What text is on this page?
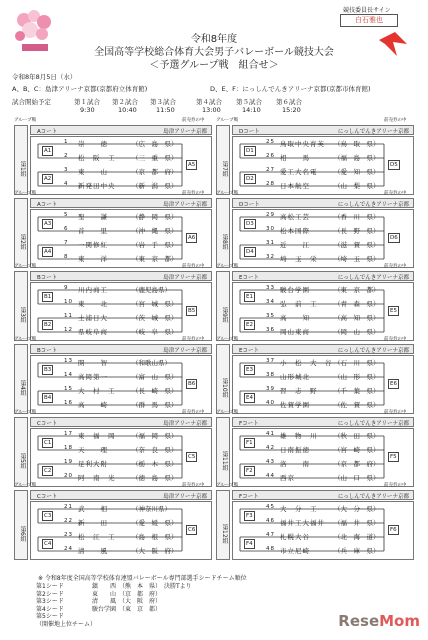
令和8年度
全国高等学校総合体育大会男子バレーボール競技大会
＜予選グループ戦　組合せ＞
競技委員長サイン
白石雅也
令和8年8月5日（水）
A、B、C：島津アリーナ京都(京都府立体育館)	D、E、F：にっしんでんきアリーナ京都(京都市体育館)
試合開始予定	第１試合
9:30
第２試合
10:40
第３試合
11:50
第４試合
13:00
第５試合
14:10
第６試合
15:20
グループ戦	前売券の中
第1組
Aコート	島津アリーナ京都
A1
A2
A5
1 崇　　徳	（広　島　県）
2 松　阪　工	（三　重　県）
3 東　　山	（京　都　府）
4 新発田中央	（新　潟　県）
グループ戦	前売券の中
第2組
Aコート	島津アリーナ京都
A3
A4
A6
5 聖　　謙	（静　岡　県）
6 首　　里	（沖　縄　県）
7 一関修紅	（岩　手　県）
8 東　　洋	（東　京　都）
グループ戦	前売券の中
第3組
Bコート	島津アリーナ京都
B1
B2
B5
9 川内商工	（鹿児島県）
10 東　　北	（宮　城　県）
11 土浦日大	（茨　城　県）
12 県岐阜商	（岐　阜　県）
グループ戦	前売券の中
第4組
Bコート	島津アリーナ京都
B3
B4
B6
13 開　　智	（和歌山県）
14 高岡第一	（富　山　県）
15 大　村　工	（長　崎　県）
16 高　　崎	（群　馬　県）
グループ戦	前売券の中
第5組
Cコート	島津アリーナ京都
C1
C2
C5
17 東　福　岡	（福　岡　県）
18 天　　理	（奈　良　県）
19 足利大附	（栃　木　県）
20 阿　南　光	（徳　島　県）
グループ戦	前売券の中
第6組
Cコート	島津アリーナ京都
C3
C4
C6
21 武　　相	（神奈川県）
22 新　　田	（愛　媛　県）
23 松　江　工	（島　根　県）
24 清　　風	（大　阪　府）
グループ戦	前売券の中
第7組
Dコート	にっしんでんきアリーナ京都
D1
D2
D5
25 鳥取中央育英 （鳥　取　県）
26 相　　馬	（福　島　県）
27 愛工大名電	（愛　知　県）
28 日本航空	（山　梨　県）
グループ戦	前売券の中
第8組
Dコート	にっしんでんきアリーナ京都
D3
D4
D6
29 高松工芸	（香　川　県）
30 松本国際	（長　野　県）
31 近　　江	（滋　賀　県）
32 埼　玉　栄	（埼　玉　県）
グループ戦	前売券の中
第9組
Eコート	にっしんでんきアリーナ京都
E1
E2
E5
33 駿台学園	（東　京　都）
34 弘　前　工	（青　森　県）
35 高　　知	（高　知　県）
36 岡山東商	（岡　山　県）
グループ戦	前売券の中
第10組
Eコート	にっしんでんきアリーナ京都
E3
E4
E6
37 小　松　大　谷 （石　川　県）
38 山形城北	（山　形　県）
39 習　志　野	（千　葉　県）
40 佐賀学園	（佐　賀　県）
グループ戦	前売券の中
第11組
Fコート	にっしんでんきアリーナ京都
F1
F2
F5
41 雄　物　川	（秋　田　県）
42 日南振徳	（宮　崎　県）
43 洛　　南	（京　都　府）
44 西京	（山　口　県）
グループ戦	前売券の中
第12組
Fコート	にっしんでんきアリーナ京都
F3
F4
F6
45 大　分　工	（大　分　県）
46 福井工大福井 （福　井　県）
47 札幌大谷	（北　海　道）
48 市立尼崎	（兵　庫　県）
※ 令和8年度全国高等学校体育連盟バレーボール専門部選手シードチーム順位
第1シード	鎮　　西　（熊　本　県）　決勝Tより
第2シード	東　　山　（京　都　府）
第3シード	清　　風　（大　阪　府）
第4シード	駿台学園　（東　京　都）
第5シード
（開催地上位チーム）	ReseMom
